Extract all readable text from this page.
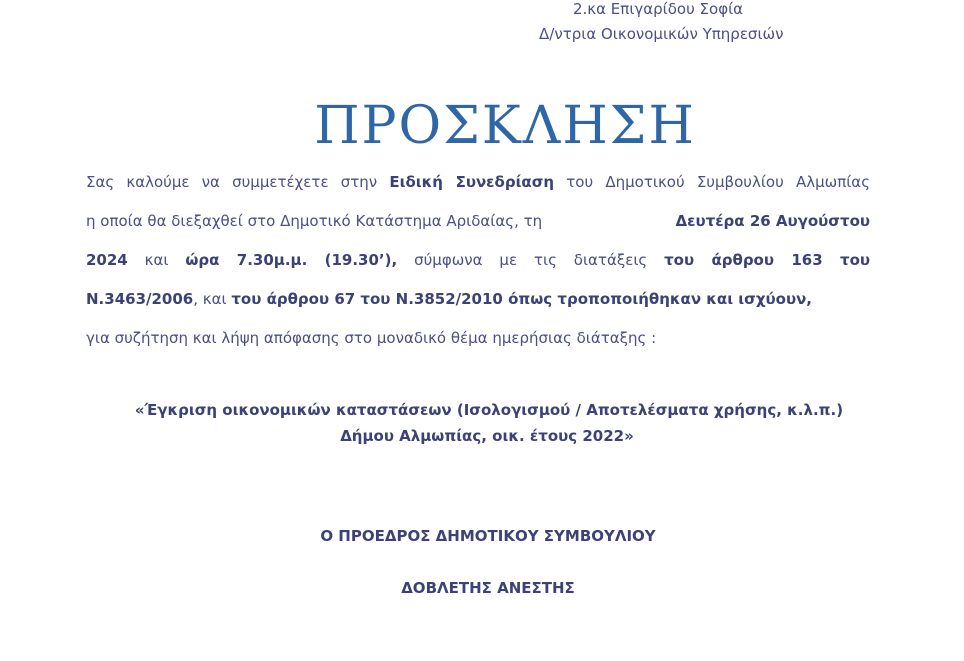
2.κα Επιγαρίδου Σοφία
Δ/ντρια Οικονομικών Υπηρεσιών
ΠΡΟΣΚΛΗΣΗ
Σας καλούμε να συμμετέχετε στην Ειδική Συνεδρίαση του Δημοτικού Συμβουλίου Αλμωπίας
η οποία θα διεξαχθεί στο Δημοτικό Κατάστημα Αριδαίας, τη	Δευτέρα 26 Αυγούστου
2024 και ώρα 7.30μ.μ. (19.30’), σύμφωνα με τις διατάξεις του άρθρου 163 του
Ν.3463/2006, και του άρθρου 67 του Ν.3852/2010 όπως τροποποιήθηκαν και ισχύουν,
για συζήτηση και λήψη απόφασης στο μοναδικό θέμα ημερήσιας διάταξης :
«Έγκριση οικονομικών καταστάσεων (Ισολογισμού / Αποτελέσματα χρήσης, κ.λ.π.)
Δήμου Αλμωπίας, οικ. έτους 2022»
Ο ΠΡΟΕΔΡΟΣ ΔΗΜΟΤΙΚΟΥ ΣΥΜΒΟΥΛΙΟΥ
ΔΟΒΛΕΤΗΣ ΑΝΕΣΤΗΣ
